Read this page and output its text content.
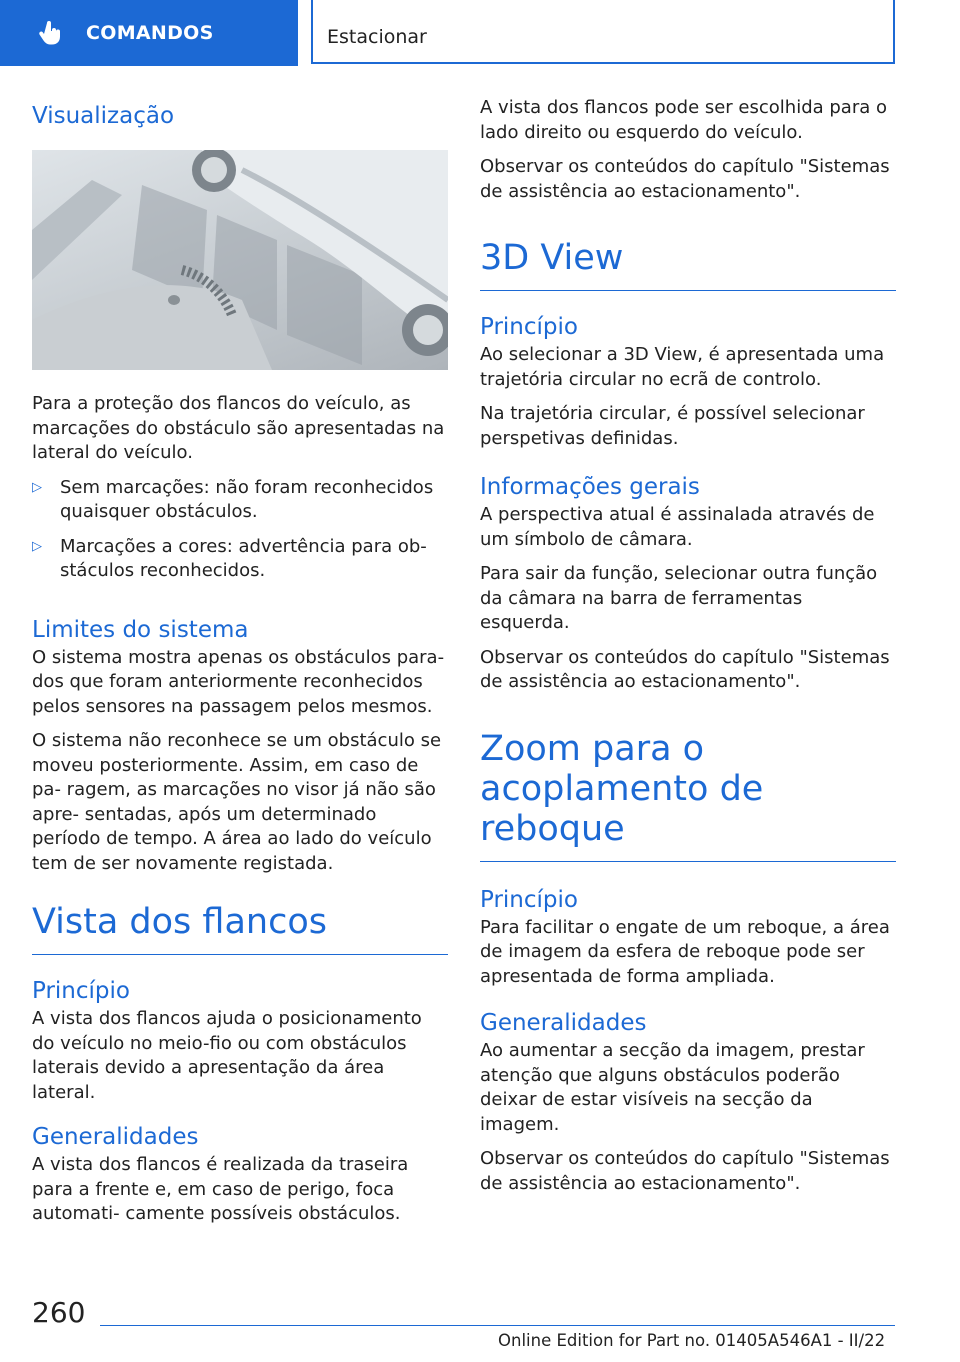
COMANDOS	Estacionar
Visualização

Para a proteção dos flancos do veículo, as marcações do obstáculo são apresentadas na lateral do veículo.

▷	Sem marcações: não foram reconhecidos quaisquer obstáculos.
▷	Marcações a cores: advertência para ob- stáculos reconhecidos.
Limites do sistema

O sistema mostra apenas os obstáculos para- dos que foram anteriormente reconhecidos pelos sensores na passagem pelos mesmos.

O sistema não reconhece se um obstáculo se moveu posteriormente. Assim, em caso de pa- ragem, as marcações no visor já não são apre- sentadas, após um determinado período de tempo. A área ao lado do veículo tem de ser novamente registada.

Vista dos flancos
Princípio

A vista dos flancos ajuda o posicionamento do veículo no meio-fio ou com obstáculos laterais devido a apresentação da área lateral.

Generalidades

A vista dos flancos é realizada da traseira para a frente e, em caso de perigo, foca automati- camente possíveis obstáculos.

A vista dos flancos pode ser escolhida para o lado direito ou esquerdo do veículo.

Observar os conteúdos do capítulo "Sistemas de assistência ao estacionamento".

3D View
Princípio

Ao selecionar a 3D View, é apresentada uma trajetória circular no ecrã de controlo.

Na trajetória circular, é possível selecionar perspetivas definidas.

Informações gerais

A perspectiva atual é assinalada através de um símbolo de câmara.

Para sair da função, selecionar outra função da câmara na barra de ferramentas esquerda.

Observar os conteúdos do capítulo "Sistemas de assistência ao estacionamento".

Zoom para o acoplamento de reboque
Princípio

Para facilitar o engate de um reboque, a área de imagem da esfera de reboque pode ser apresentada de forma ampliada.

Generalidades

Ao aumentar a secção da imagem, prestar atenção que alguns obstáculos poderão deixar de estar visíveis na secção da imagem.

Observar os conteúdos do capítulo "Sistemas de assistência ao estacionamento".

260
Online Edition for Part no. 01405A546A1 - II/22
